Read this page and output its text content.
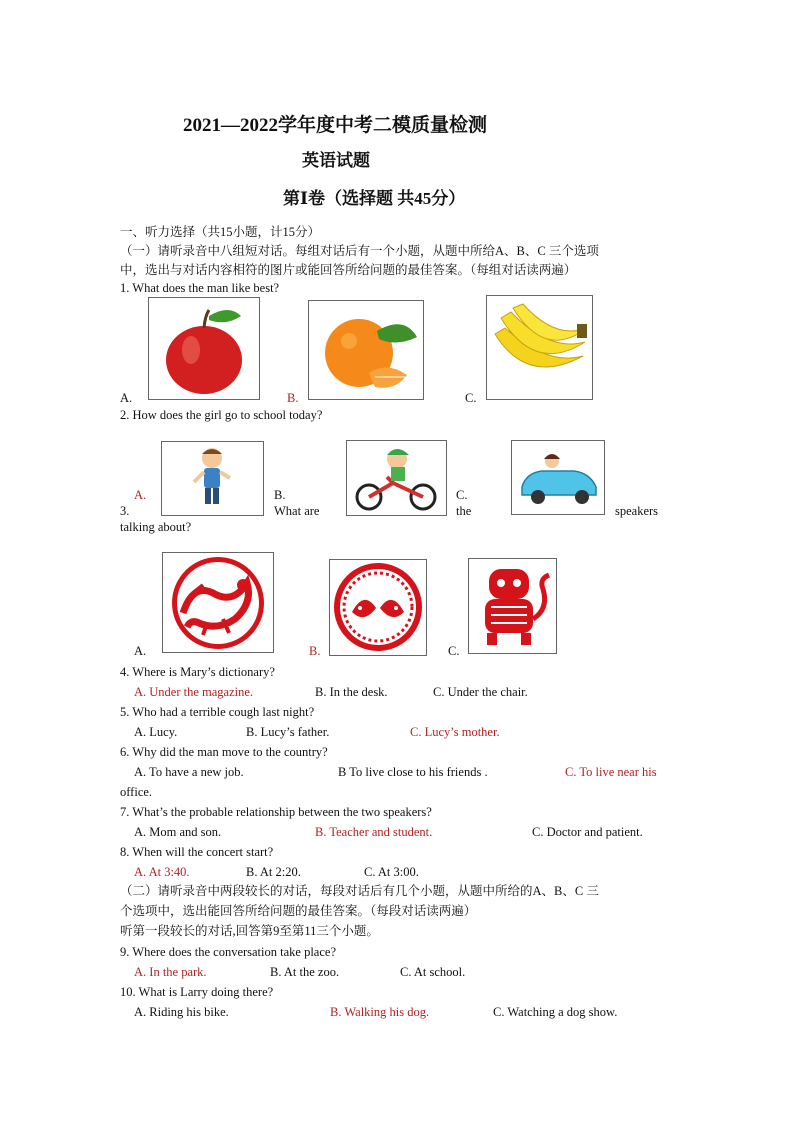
2021—2022学年度中考二模质量检测
英语试题
第Ⅰ卷（选择题 共45分）
一、听力选择（共15小题，计15分）
（一）请听录音中八组短对话。每组对话后有一个小题，从题中所给A、B、C 三个选项
中，选出与对话内容相符的图片或能回答所给问题的最佳答案。（每组对话读两遍）
1. What does the man like best?
A.	B.	C.
2. How does the girl go to school today?
A.	B.	C.
3.	What are	the	speakers
talking about?
A.	B.	C.
4. Where is Mary’s dictionary?
A. Under the magazine.	B. In the desk.	C. Under the chair.
5. Who had a terrible cough last night?
A. Lucy.	B. Lucy’s father.	C. Lucy’s mother.
6. Why did the man move to the country?
A. To have a new job.	B To live close to his friends .	C. To live near his
office.
7. What’s the probable relationship between the two speakers?
A. Mom and son.	B. Teacher and student.	C. Doctor and patient.
8. When will the concert start?
A. At 3:40.	B. At 2:20.	C. At 3:00.
（二）请听录音中两段较长的对话，每段对话后有几个小题，从题中所给的A、B、C 三
个选项中，选出能回答所给问题的最佳答案。（每段对话读两遍）
听第一段较长的对话,回答第9至第11三个小题。
9. Where does the conversation take place?
A. In the park.	B. At the zoo.	C. At school.
10. What is Larry doing there?
A. Riding his bike.	B. Walking his dog.	C. Watching a dog show.
